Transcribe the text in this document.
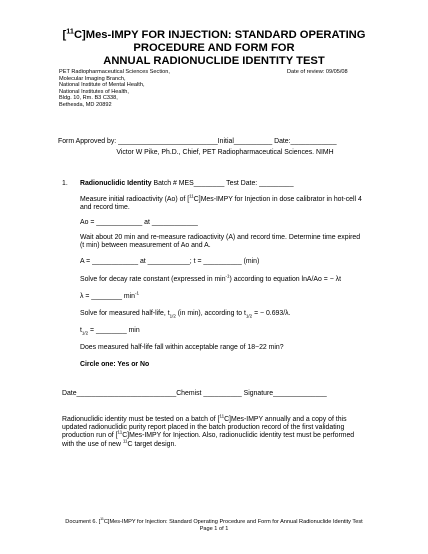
[$^{11}$C]Mes-IMPY FOR INJECTION: STANDARD OPERATING
PROCEDURE AND FORM FOR
ANNUAL RADIONUCLIDE IDENTITY TEST
PET Radiopharmaceutical Sciences Section,
Molecular Imaging Branch,
National Institute of Mental Health,
National Institutes of Health,
Bldg. 10, Rm. B3 C338,
Bethesda, MD 20892
Date of review: 09/05/08
Form Approved by: __________________________Initial__________ Date:____________
Victor W Pike, Ph.D., Chief, PET Radiopharmaceutical Sciences. NIMH
1. Radionuclidic Identity Batch # MES________ Test Date: _________
Measure initial radioactivity (Ao) of [$^{11}$C]Mes-IMPY for Injection in dose calibrator in hot-cell 4
and record time.
Ao = ____________ at ____________
Wait about 20 min and re-measure radioactivity (A) and record time. Determine time expired
(t min) between measurement of Ao and A.
A = ____________ at ___________; t = __________ (min)
Solve for decay rate constant (expressed in $\min^{-1}$) according to equation lnA/Ao = − λt
λ = ________ $\min^{-1}$
Solve for measured half-life, $t_{1/2}$ (in min), according to $t_{1/2}$ = − 0.693/λ.
$t_{1/2}$ = ________ min
Does measured half-life fall within acceptable range of 18−22 min?
Circle one: Yes or No
Date__________________________Chemist __________ Signature______________
Radionuclidic identity must be tested on a batch of [$^{11}$C]Mes-IMPY annually and a copy of this
updated radionuclidic purity report placed in the batch production record of the first validating
production run of [$^{11}$C]Mes-IMPY for Injection. Also, radionuclidic identity test must be performed
with the use of new $^{11}$C target design.
Document 6. [$^{11}$C]Mes-IMPY for Injection: Standard Operating Procedure and Form for Annual Radionuclide Identity Test
Page 1 of 1
